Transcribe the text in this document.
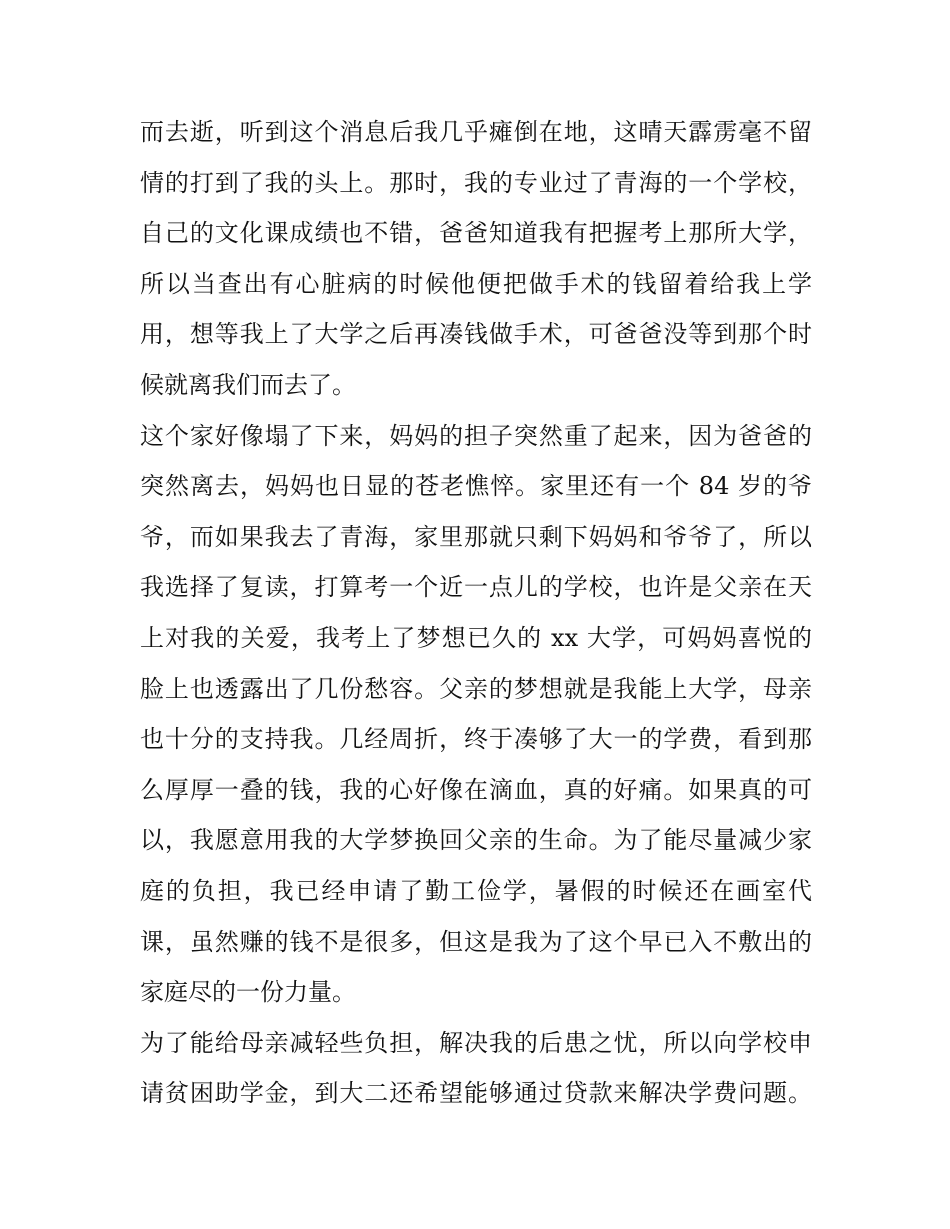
而去逝，听到这个消息后我几乎瘫倒在地，这晴天霹雳毫不留
情的打到了我的头上。那时，我的专业过了青海的一个学校，
自己的文化课成绩也不错，爸爸知道我有把握考上那所大学，
所以当查出有心脏病的时候他便把做手术的钱留着给我上学
用，想等我上了大学之后再凑钱做手术，可爸爸没等到那个时
候就离我们而去了。
这个家好像塌了下来，妈妈的担子突然重了起来，因为爸爸的
突然离去，妈妈也日显的苍老憔悴。家里还有一个 84 岁的爷
爷，而如果我去了青海，家里那就只剩下妈妈和爷爷了，所以
我选择了复读，打算考一个近一点儿的学校，也许是父亲在天
上对我的关爱，我考上了梦想已久的 xx 大学，可妈妈喜悦的
脸上也透露出了几份愁容。父亲的梦想就是我能上大学，母亲
也十分的支持我。几经周折，终于凑够了大一的学费，看到那
么厚厚一叠的钱，我的心好像在滴血，真的好痛。如果真的可
以，我愿意用我的大学梦换回父亲的生命。为了能尽量减少家
庭的负担，我已经申请了勤工俭学，暑假的时候还在画室代
课，虽然赚的钱不是很多，但这是我为了这个早已入不敷出的
家庭尽的一份力量。
为了能给母亲减轻些负担，解决我的后患之忧，所以向学校申
请贫困助学金，到大二还希望能够通过贷款来解决学费问题。
